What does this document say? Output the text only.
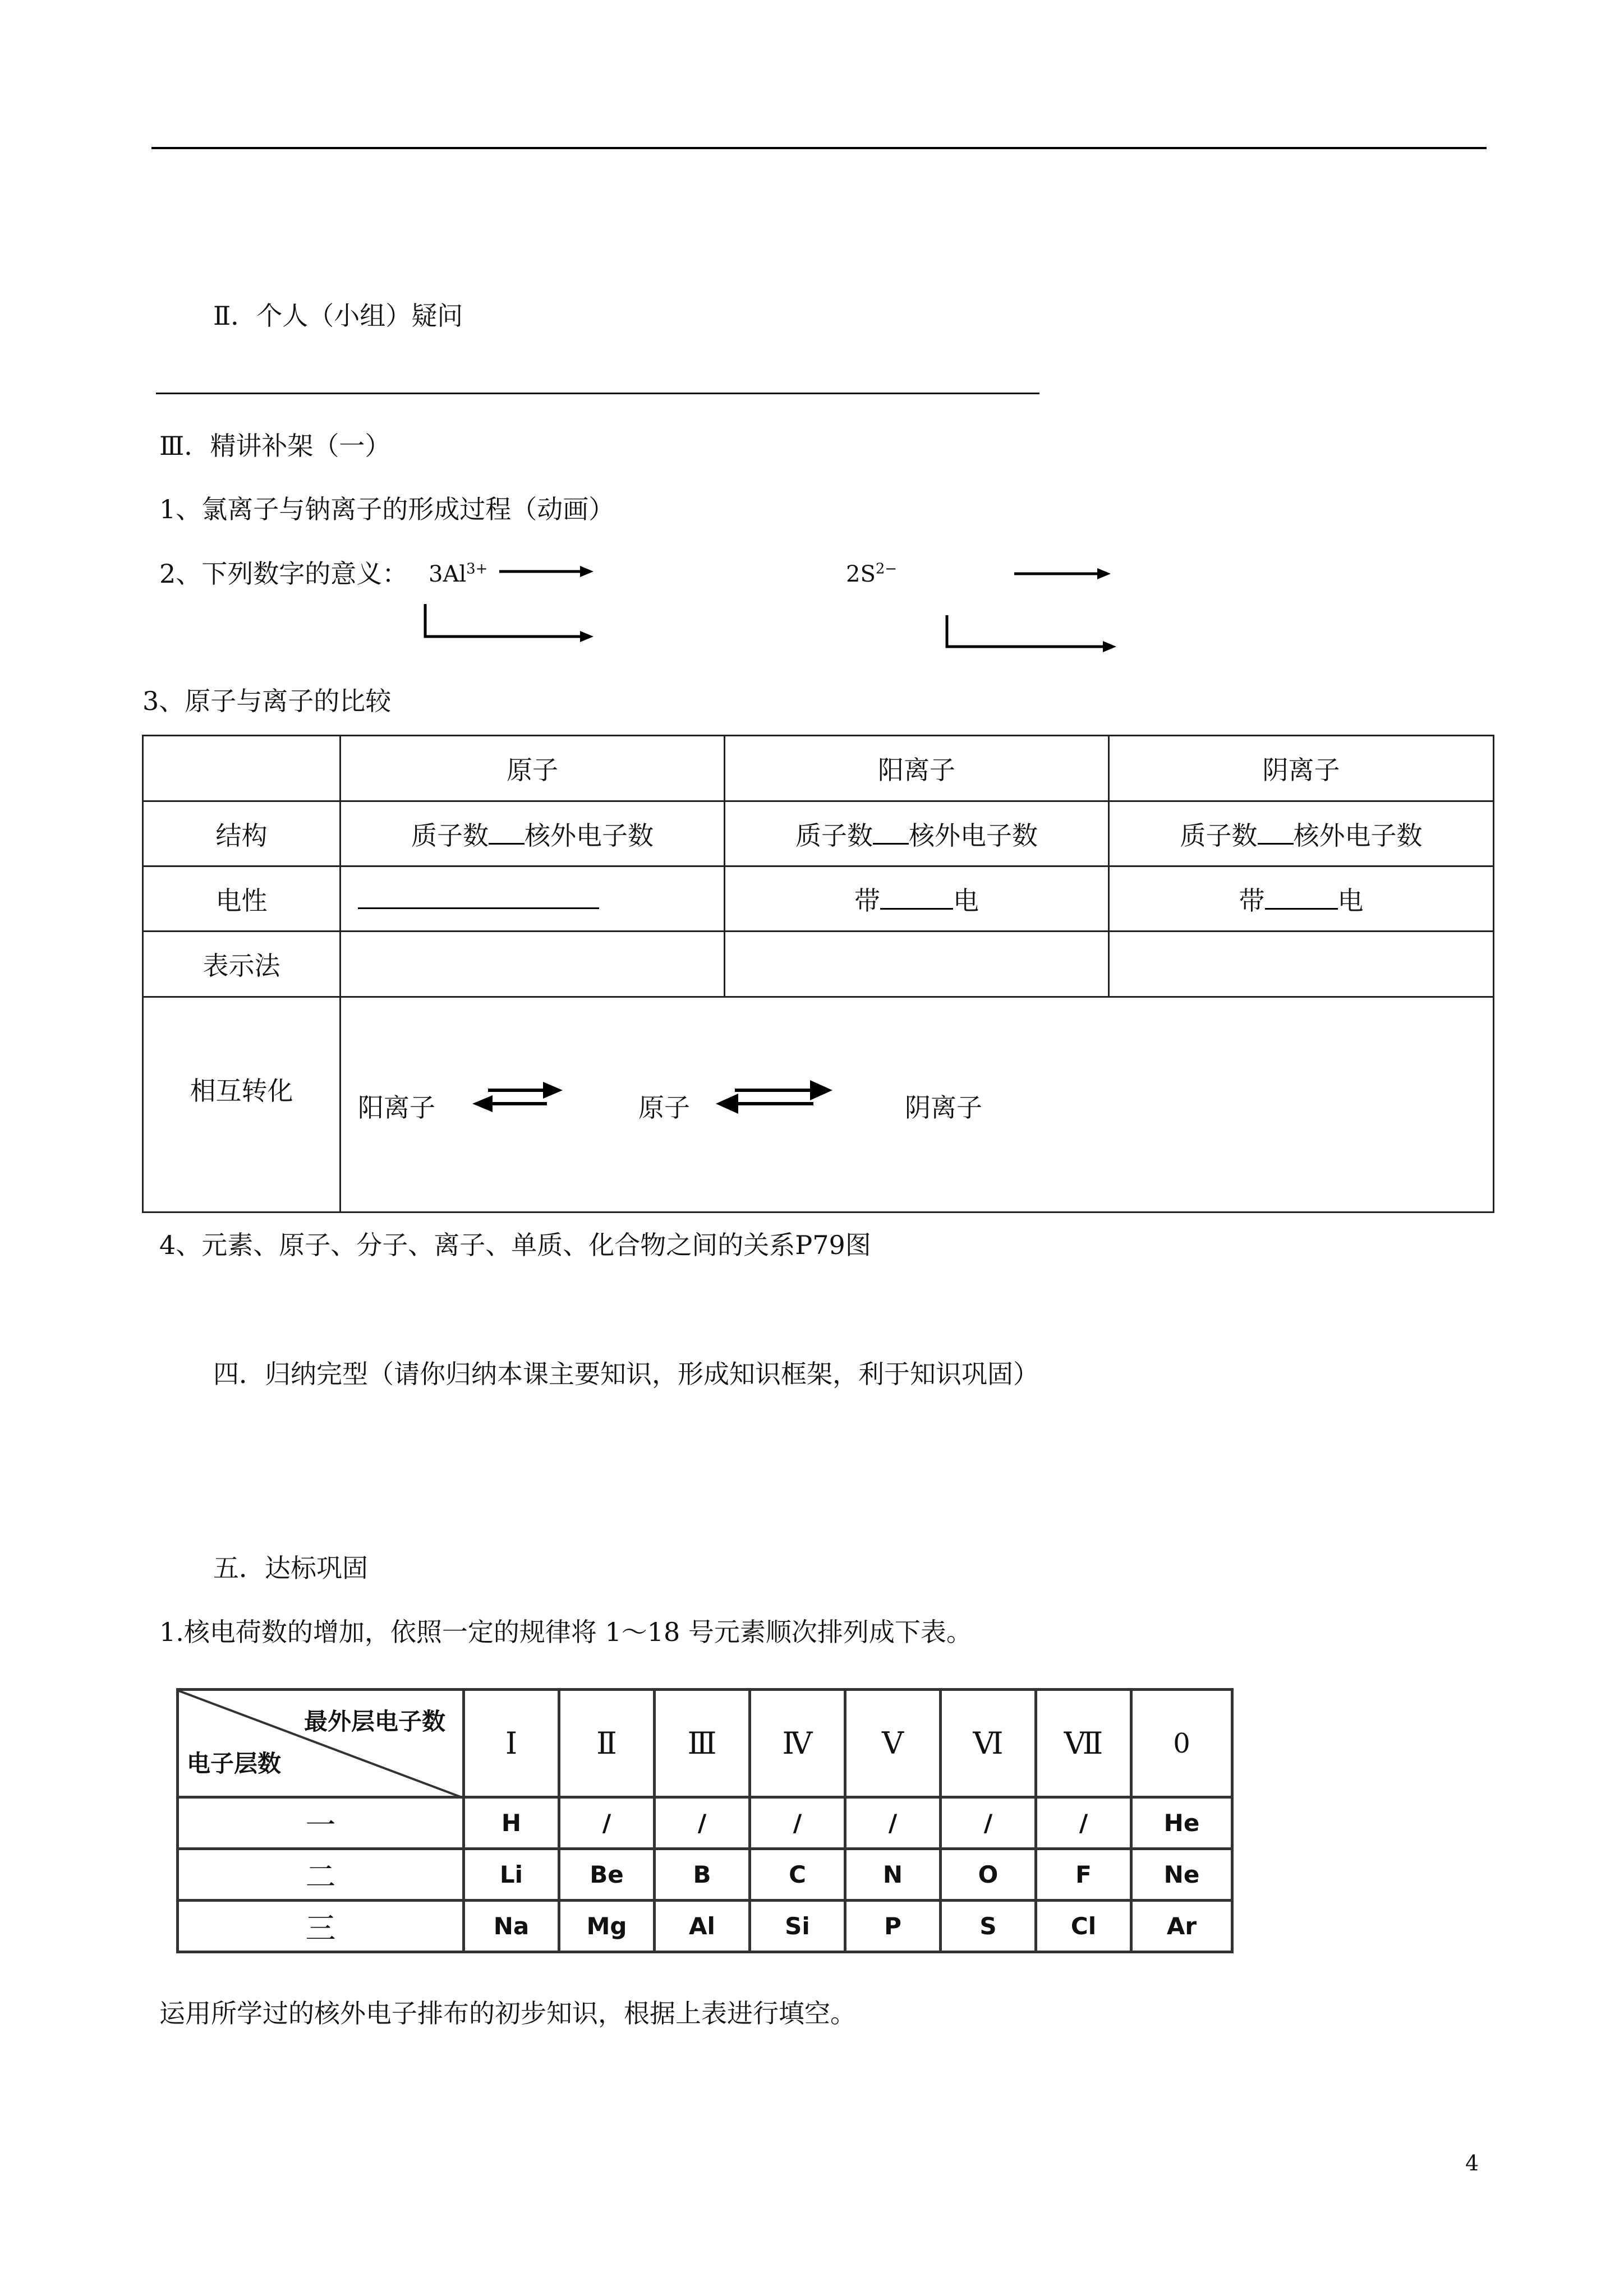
Ⅱ．个人（小组）疑问
Ⅲ．精讲补架（一）
1、氯离子与钠离子的形成过程（动画）
2、下列数字的意义： $3Al^{3+}$	$2S^{2-}$
3、原子与离子的比较
	原子	阳离子	阴离子
结构	质子数 核外电子数	质子数 核外电子数	质子数 核外电子数
电性		带 电	带 电
表示法			
相互转化	阳离子 原子 阴离子		
4、元素、原子、分子、离子、单质、化合物之间的关系P79图
四．归纳完型（请你归纳本课主要知识，形成知识框架，利于知识巩固）
五．达标巩固
1.核电荷数的增加，依照一定的规律将 1～18 号元素顺次排列成下表。
最外层电子数
电子层数	I	Ⅱ	Ⅲ	Ⅳ	V	Ⅵ	Ⅶ	0
一	H	/	/	/	/	/	/	He
二	Li	Be	B	C	N	O	F	Ne
三	Na	Mg	Al	Si	P	S	Cl	Ar
运用所学过的核外电子排布的初步知识，根据上表进行填空。
4
